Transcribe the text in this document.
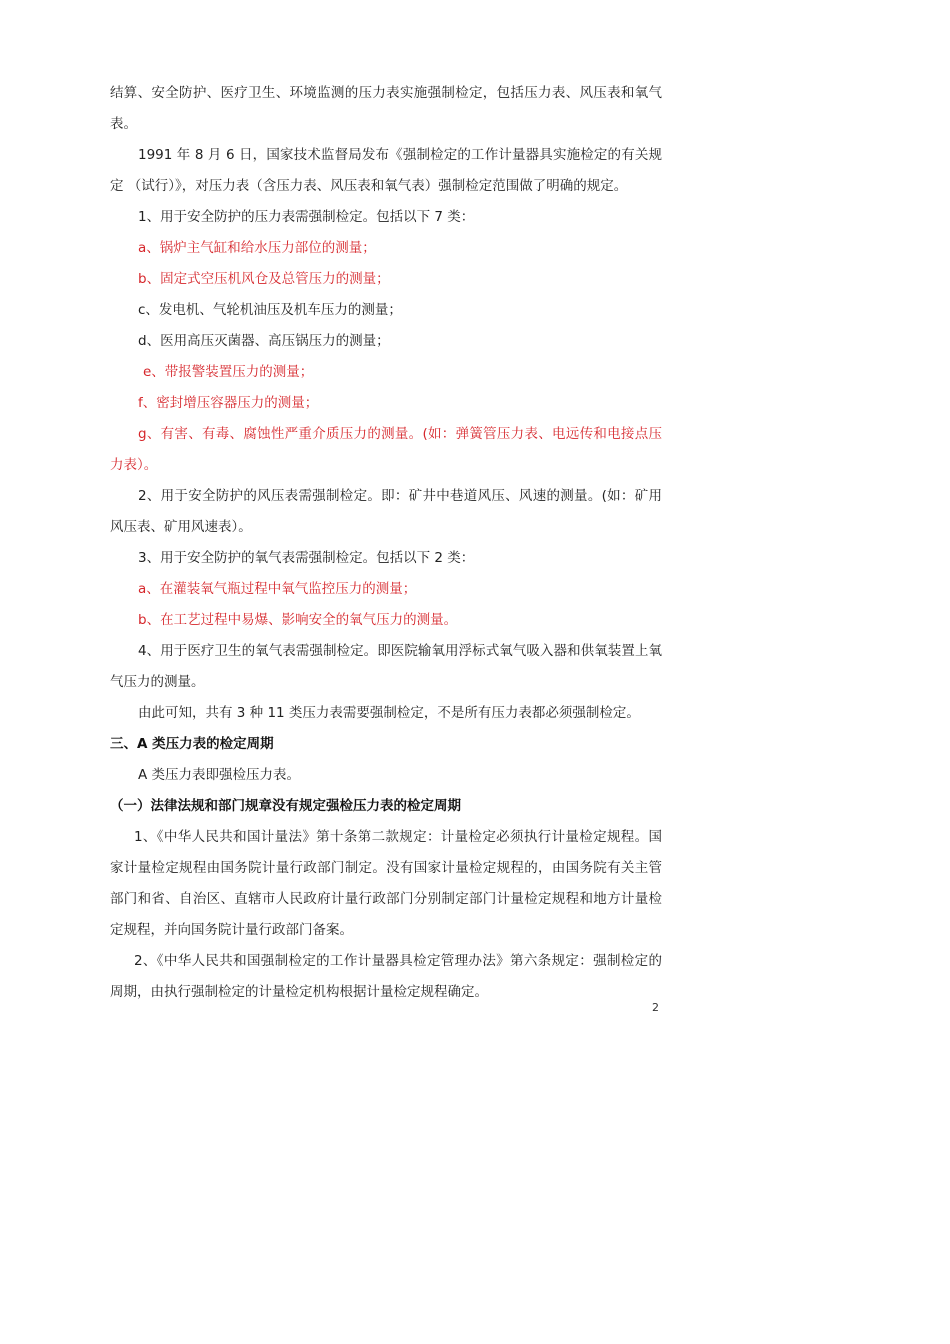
结算、安全防护、医疗卫生、环境监测的压力表实施强制检定，包括压力表、风压表和氧气表。

1991 年 8 月 6 日，国家技术监督局发布《强制检定的工作计量器具实施检定的有关规定 （试行）》，对压力表（含压力表、风压表和氧气表）强制检定范围做了明确的规定。

1、用于安全防护的压力表需强制检定。包括以下 7 类：

a、锅炉主气缸和给水压力部位的测量；

b、固定式空压机风仓及总管压力的测量；

c、发电机、气轮机油压及机车压力的测量；

d、医用高压灭菌器、高压锅压力的测量；

e、带报警装置压力的测量；

f、密封增压容器压力的测量；

g、有害、有毒、腐蚀性严重介质压力的测量。(如：弹簧管压力表、电远传和电接点压力表）。

2、用于安全防护的风压表需强制检定。即：矿井中巷道风压、风速的测量。(如：矿用风压表、矿用风速表）。

3、用于安全防护的氧气表需强制检定。包括以下 2 类：

a、在灌装氧气瓶过程中氧气监控压力的测量；

b、在工艺过程中易爆、影响安全的氧气压力的测量。

4、用于医疗卫生的氧气表需强制检定。即医院输氧用浮标式氧气吸入器和供氧装置上氧气压力的测量。

由此可知，共有 3 种 11 类压力表需要强制检定，不是所有压力表都必须强制检定。

三、A 类压力表的检定周期

A 类压力表即强检压力表。

（一）法律法规和部门规章没有规定强检压力表的检定周期

1、《中华人民共和国计量法》第十条第二款规定：计量检定必须执行计量检定规程。国家计量检定规程由国务院计量行政部门制定。没有国家计量检定规程的，由国务院有关主管部门和省、自治区、直辖市人民政府计量行政部门分别制定部门计量检定规程和地方计量检定规程，并向国务院计量行政部门备案。

2、《中华人民共和国强制检定的工作计量器具检定管理办法》第六条规定：强制检定的周期，由执行强制检定的计量检定机构根据计量检定规程确定。

2
